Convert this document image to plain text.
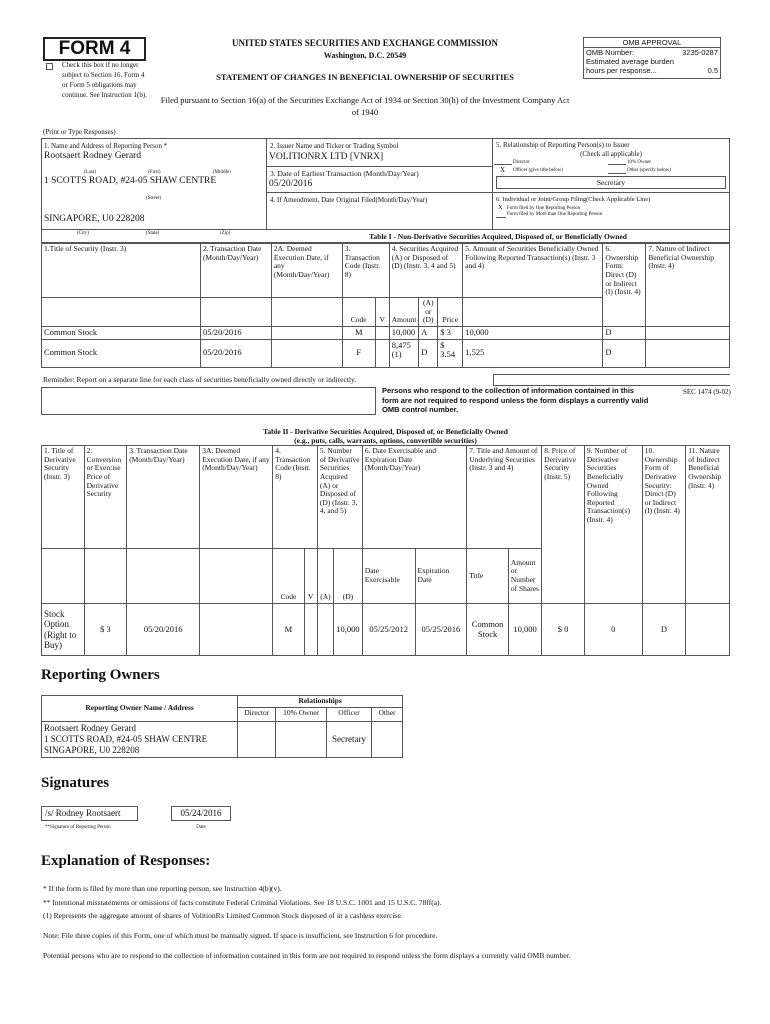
FORM 4
Check this box if no longer subject to Section 16. Form 4 or Form 5 obligations may continue. See Instruction 1(b).
UNITED STATES SECURITIES AND EXCHANGE COMMISSION
Washington, D.C. 20549
STATEMENT OF CHANGES IN BENEFICIAL OWNERSHIP OF SECURITIES
Filed pursuant to Section 16(a) of the Securities Exchange Act of 1934 or Section 30(h) of the Investment Company Act of 1940
OMB APPROVAL
OMB Number:	3235-0287
Estimated average burden
hours per response...	0.5
(Print or Type Responses)
1. Name and Address of Reporting Person *
Rootsaert Rodney Gerard
(Last)	(First)	(Middle)
1 SCOTTS ROAD, #24-05 SHAW CENTRE
(Street)
SINGAPORE, U0 228208
(City)	(State)	(Zip)
2. Issuer Name and Ticker or Trading Symbol
VOLITIONRX LTD [VNRX]
3. Date of Earliest Transaction (Month/Day/Year)
05/20/2016
4. If Amendment, Date Original Filed(Month/Day/Year)
5. Relationship of Reporting Person(s) to Issuer
(Check all applicable)
Director	10% Owner
X Officer (give title below)	Other (specify below)
Secretary
6. Individual or Joint/Group Filing(Check Applicable Line)
X Form filed by One Reporting Person
Form filed by More than One Reporting Person
Table I - Non-Derivative Securities Acquired, Disposed of, or Beneficially Owned
1.Title of Security (Instr. 3)	2. Transaction Date (Month/Day/Year)	2A. Deemed Execution Date, if any (Month/Day/Year)	3. Transaction Code (Instr. 8)		4. Securities Acquired (A) or Disposed of (D) (Instr. 3, 4 and 5)			5. Amount of Securities Beneficially Owned Following Reported Transaction(s) (Instr. 3 and 4)	6. Ownership Form: Direct (D) or Indirect (I) (Instr. 4)	7. Nature of Indirect Beneficial Ownership (Instr. 4)
			Code	V	Amount	(A) or (D)	Price			
Common Stock	05/20/2016		M		10,000	A	$ 3	10,000	D	
Common Stock	05/20/2016		F		8,475 (1)	D	$ 3.54	1,525	D	
Reminder: Report on a separate line for each class of securities beneficially owned directly or indirectly.
Persons who respond to the collection of information contained in this form are not required to respond unless the form displays a currently valid OMB control number.
SEC 1474 (9-02)
Table II - Derivative Securities Acquired, Disposed of, or Beneficially Owned
(e.g., puts, calls, warrants, options, convertible securities)
1. Title of Derivative Security (Instr. 3)	2. Conversion or Exercise Price of Derivative Security	3. Transaction Date (Month/Day/Year)	3A. Deemed Execution Date, if any (Month/Day/Year)	4. Transaction Code (Instr. 8)		5. Number of Derivative Securities Acquired (A) or Disposed of (D) (Instr. 3, 4, and 5)		6. Date Exercisable and Expiration Date (Month/Day/Year)		7. Title and Amount of Underlying Securities (Instr. 3 and 4)		8. Price of Derivative Security (Instr. 5)	9. Number of Derivative Securities Beneficially Owned Following Reported Transaction(s) (Instr. 4)	10. Ownership Form of Derivative Security: Direct (D) or Indirect (I) (Instr. 4)	11. Nature of Indirect Beneficial Ownership (Instr. 4)
				Code	V	(A)	(D)	Date Exercisable	Expiration Date	Title	Amount or Number of Shares				
Stock Option (Right to Buy)	$ 3	05/20/2016		M			10,000	05/25/2012	05/25/2016	Common Stock	10,000	$ 0	0	D	
Reporting Owners
Reporting Owner Name / Address	Relationships			
	Director	10% Owner	Officer	Other

Rootsaert Rodney Gerard
1 SCOTTS ROAD, #24-05 SHAW CENTRE
SINGAPORE, U0 228208			Secretary	
Signatures
/s/ Rodney Rootsaert
**Signature of Reporting Person
05/24/2016
Date
Explanation of Responses:
* If the form is filed by more than one reporting person, see Instruction 4(b)(v).
** Intentional misstatements or omissions of facts constitute Federal Criminal Violations. See 18 U.S.C. 1001 and 15 U.S.C. 78ff(a).
(1) Represents the aggregate amount of shares of VolitionRx Limited Common Stock disposed of in a cashless exercise.
Note: File three copies of this Form, one of which must be manually signed. If space is insufficient, see Instruction 6 for procedure.
Potential persons who are to respond to the collection of information contained in this form are not required to respond unless the form displays a currently valid OMB number.
